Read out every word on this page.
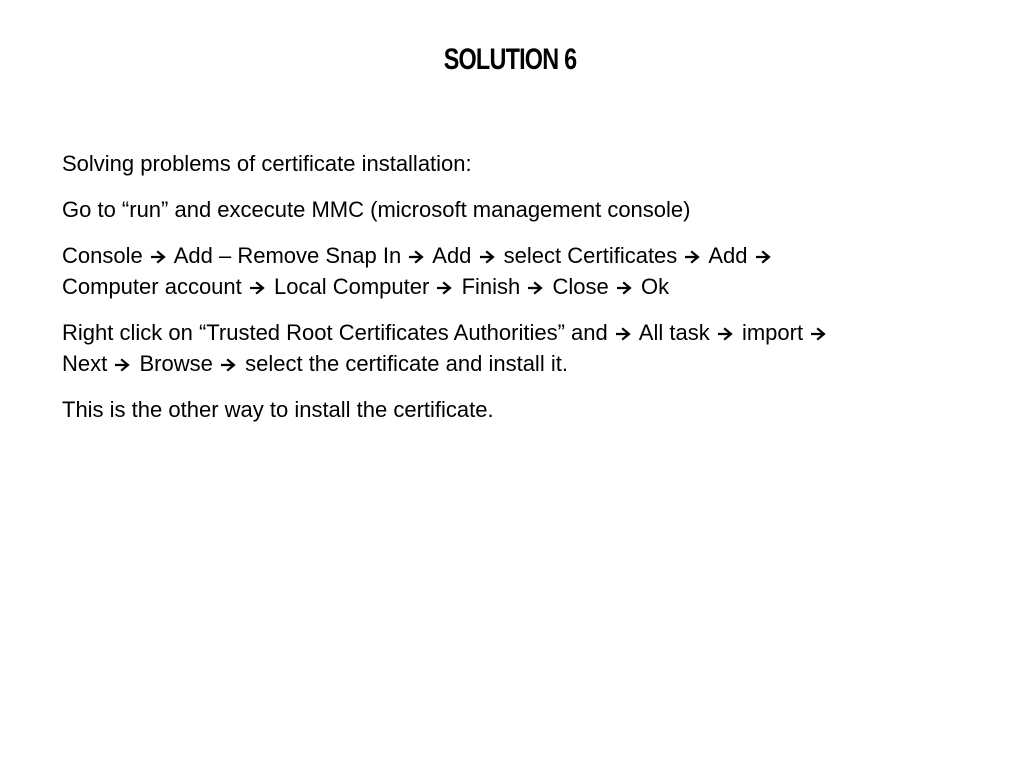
SOLUTION 6

Solving problems of certificate installation:

Go to “run” and excecute MMC (microsoft management console)

Console Add – Remove Snap In Add select Certificates Add
Computer account Local Computer Finish Close Ok

Right click on “Trusted Root Certificates Authorities” and All task import
Next Browse select the certificate and install it.

This is the other way to install the certificate.
